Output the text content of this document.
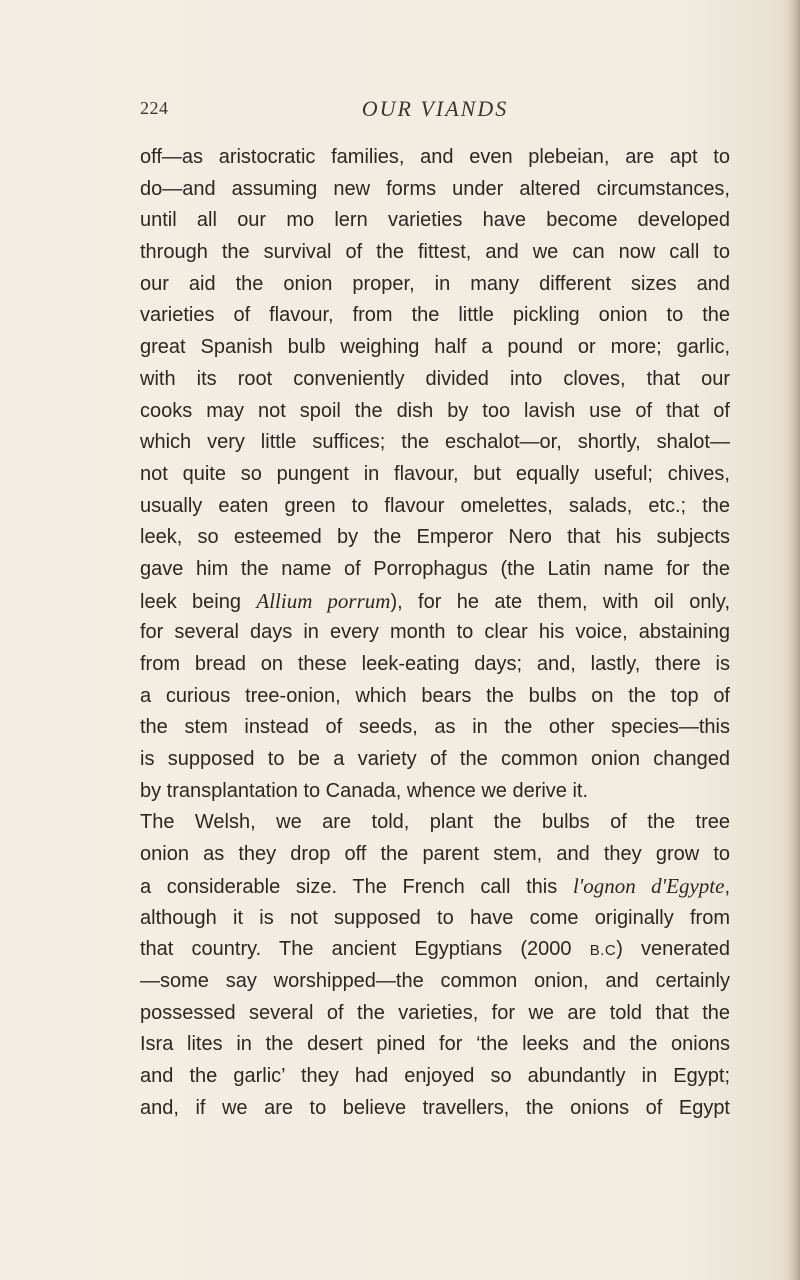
224	OUR VIANDS
off—as aristocratic families, and even plebeian, are apt to
do—and assuming new forms under altered circumstances,
until all our mo lern varieties have become developed
through the survival of the fittest, and we can now call to
our aid the onion proper, in many different sizes and
varieties of flavour, from the little pickling onion to the
great Spanish bulb weighing half a pound or more; garlic,
with its root conveniently divided into cloves, that our
cooks may not spoil the dish by too lavish use of that of
which very little suffices; the eschalot—or, shortly, shalot—
not quite so pungent in flavour, but equally useful; chives,
usually eaten green to flavour omelettes, salads, etc.; the
leek, so esteemed by the Emperor Nero that his subjects
gave him the name of Porrophagus (the Latin name for the
leek being Allium porrum), for he ate them, with oil only,
for several days in every month to clear his voice, abstaining
from bread on these leek-eating days; and, lastly, there is
a curious tree-onion, which bears the bulbs on the top of
the stem instead of seeds, as in the other species—this
is supposed to be a variety of the common onion changed
by transplantation to Canada, whence we derive it.
The Welsh, we are told, plant the bulbs of the tree
onion as they drop off the parent stem, and they grow to
a considerable size. The French call this l'ognon d'Egypte,
although it is not supposed to have come originally from
that country. The ancient Egyptians (2000 B.C) venerated
—some say worshipped—the common onion, and certainly
possessed several of the varieties, for we are told that the
Isra lites in the desert pined for ‘the leeks and the onions
and the garlic’ they had enjoyed so abundantly in Egypt;
and, if we are to believe travellers, the onions of Egypt
